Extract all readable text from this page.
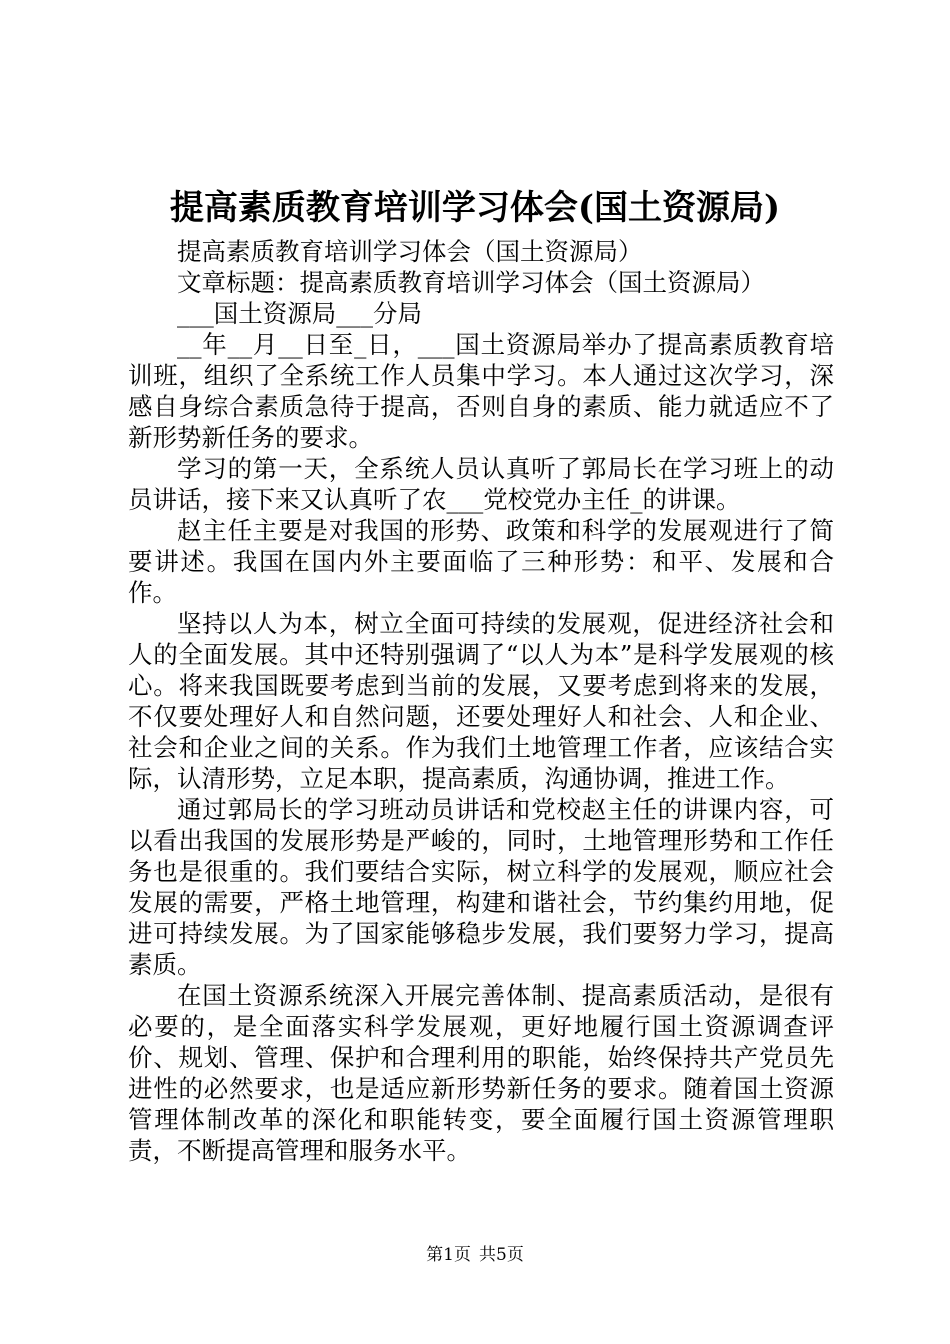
提高素质教育培训学习体会(国土资源局)

提高素质教育培训学习体会（国土资源局）

文章标题：提高素质教育培训学习体会（国土资源局）

___国土资源局___分局

__年__月__日至_日，___国土资源局举办了提高素质教育培训班，组织了全系统工作人员集中学习。本人通过这次学习，深感自身综合素质急待于提高，否则自身的素质、能力就适应不了新形势新任务的要求。

学习的第一天，全系统人员认真听了郭局长在学习班上的动员讲话，接下来又认真听了农___党校党办主任_的讲课。

赵主任主要是对我国的形势、政策和科学的发展观进行了简要讲述。我国在国内外主要面临了三种形势：和平、发展和合作。

坚持以人为本，树立全面可持续的发展观，促进经济社会和人的全面发展。其中还特别强调了“以人为本”是科学发展观的核心。将来我国既要考虑到当前的发展，又要考虑到将来的发展，不仅要处理好人和自然问题，还要处理好人和社会、人和企业、社会和企业之间的关系。作为我们土地管理工作者，应该结合实际，认清形势，立足本职，提高素质，沟通协调，推进工作。

通过郭局长的学习班动员讲话和党校赵主任的讲课内容，可以看出我国的发展形势是严峻的，同时，土地管理形势和工作任务也是很重的。我们要结合实际，树立科学的发展观，顺应社会发展的需要，严格土地管理，构建和谐社会，节约集约用地，促进可持续发展。为了国家能够稳步发展，我们要努力学习，提高素质。

在国土资源系统深入开展完善体制、提高素质活动，是很有必要的，是全面落实科学发展观，更好地履行国土资源调查评价、规划、管理、保护和合理利用的职能，始终保持共产党员先进性的必然要求，也是适应新形势新任务的要求。随着国土资源管理体制改革的深化和职能转变，要全面履行国土资源管理职责，不断提高管理和服务水平。

第1页 共5页
